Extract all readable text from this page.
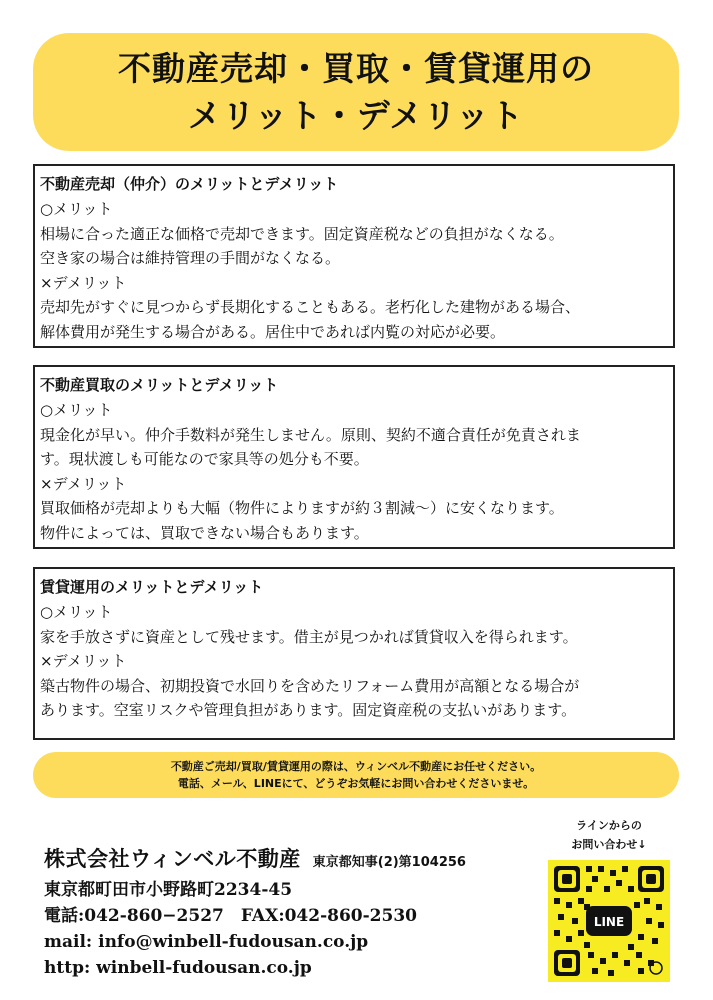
不動産売却・買取・賃貸運用の
メリット・デメリット
不動産売却（仲介）のメリットとデメリット
○メリット
相場に合った適正な価格で売却できます。固定資産税などの負担がなくなる。
空き家の場合は維持管理の手間がなくなる。
×デメリット
売却先がすぐに見つからず長期化することもある。老朽化した建物がある場合、
解体費用が発生する場合がある。居住中であれば内覧の対応が必要。
不動産買取のメリットとデメリット
○メリット
現金化が早い。仲介手数料が発生しません。原則、契約不適合責任が免責されま
す。現状渡しも可能なので家具等の処分も不要。
×デメリット
買取価格が売却よりも大幅（物件によりますが約３割減～）に安くなります。
物件によっては、買取できない場合もあります。
賃貸運用のメリットとデメリット
○メリット
家を手放さずに資産として残せます。借主が見つかれば賃貸収入を得られます。
×デメリット
築古物件の場合、初期投資で水回りを含めたリフォーム費用が高額となる場合が
あります。空室リスクや管理負担があります。固定資産税の支払いがあります。
不動産ご売却/買取/賃貸運用の際は、ウィンベル不動産にお任せください。
電話、メール、LINEにて、どうぞお気軽にお問い合わせくださいませ。
株式会社ウィンベル不動産 東京都知事(2)第104256
東京都町田市小野路町2234-45
電話:042-860−2527　FAX:042-860-2530
mail: info@winbell-fudousan.co.jp
http: winbell-fudousan.co.jp
ラインからの
お問い合わせ↓
LINE
